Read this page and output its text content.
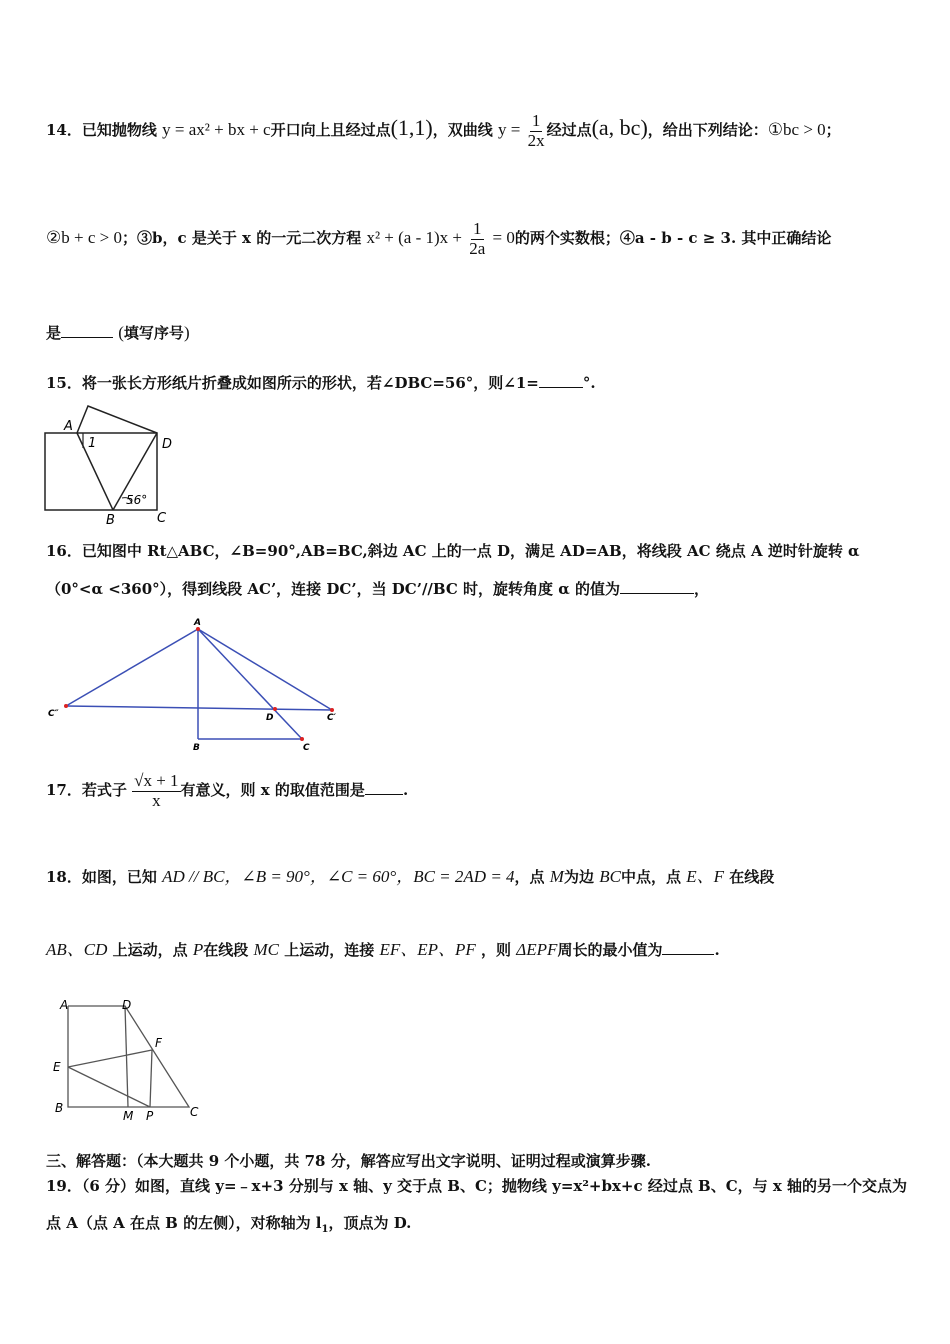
14．已知抛物线 y = ax² + bx + c开口向上且经过点(1,1)，双曲线 $y = \frac{1}{2x}$ 经过点(a, bc)，给出下列结论：①bc > 0；
②b + c > 0；③b，c 是关于 x 的一元二次方程 $x^2 + (a - 1)x + \frac{1}{2a} = 0$的两个实数根；④a - b - c ≥ 3. 其中正确结论
是	(填写序号)
15．将一张长方形纸片折叠成如图所示的形状，若∠DBC=56°，则∠1=	°.
A
1	D
56°
B	C
16．已知图中 Rt△ABC，∠B=90°,AB=BC,斜边 AC 上的一点 D，满足 AD=AB，将线段 AC 绕点 A 逆时针旋转 α
（0°<α <360°），得到线段 AC’，连接 DC’，当 DC’//BC 时，旋转角度 α 的值为	，
A
C″	D	C′
B	C
17．若式子 $\frac{√x + 1}{x}$ 有意义，则 x 的取值范围是	.
18．如图，已知 AD // BC，∠B = 90°，∠C = 60°，BC = 2AD = 4，点 M为边 BC中点，点 E、F 在线段
AB、CD 上运动，点 P在线段 MC 上运动，连接 EF、EP、PF ，则 ΔEPF周长的最小值为	.
A	D
F
E
B
M P	C
三、解答题：（本大题共 9 个小题，共 78 分，解答应写出文字说明、证明过程或演算步骤.
19．（6 分）如图，直线 y=﹣x+3 分别与 x 轴、y 交于点 B、C；抛物线 y=x²+bx+c 经过点 B、C，与 x 轴的另一个交点为
点 A（点 A 在点 B 的左侧），对称轴为 $l_1$，顶点为 D.
